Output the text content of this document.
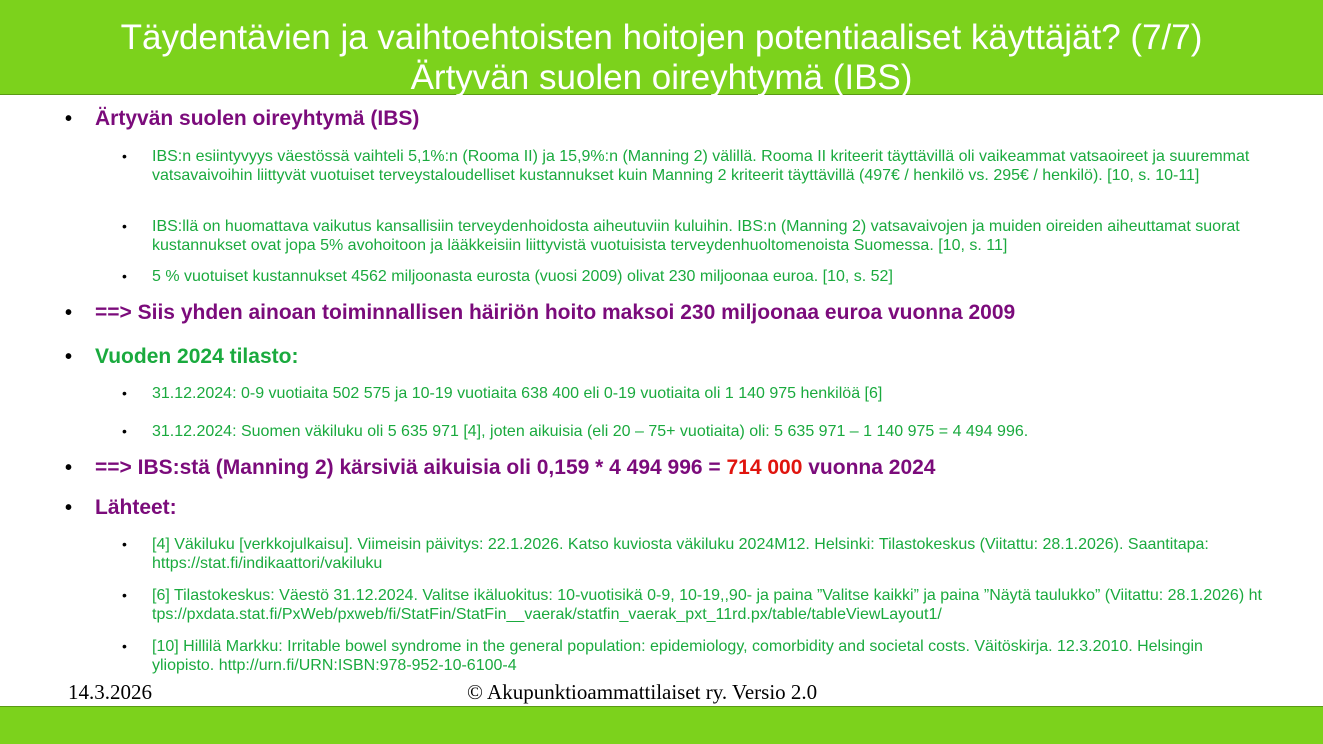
Täydentävien ja vaihtoehtoisten hoitojen potentiaaliset käyttäjät? (7/7)
Ärtyvän suolen oireyhtymä (IBS)
• Ärtyvän suolen oireyhtymä (IBS)
• IBS:n esiintyvyys väestössä vaihteli 5,1%:n (Rooma II) ja 15,9%:n (Manning 2) välillä. Rooma II kriteerit täyttävillä oli vaikeammat vatsaoireet ja suuremmat vatsavaivoihin liittyvät vuotuiset terveystaloudelliset kustannukset kuin Manning 2 kriteerit täyttävillä (497€ / henkilö vs. 295€ / henkilö). [10, s. 10-11]
• IBS:llä on huomattava vaikutus kansallisiin terveydenhoidosta aiheutuviin kuluihin. IBS:n (Manning 2) vatsavaivojen ja muiden oireiden aiheuttamat suorat kustannukset ovat jopa 5% avohoitoon ja lääkkeisiin liittyvistä vuotuisista terveydenhuoltomenoista Suomessa. [10, s. 11]
• 5 % vuotuiset kustannukset 4562 miljoonasta eurosta (vuosi 2009) olivat 230 miljoonaa euroa. [10, s. 52]
• ==> Siis yhden ainoan toiminnallisen häiriön hoito maksoi 230 miljoonaa euroa vuonna 2009
• Vuoden 2024 tilasto:
• 31.12.2024: 0-9 vuotiaita 502 575 ja 10-19 vuotiaita 638 400 eli 0-19 vuotiaita oli 1 140 975 henkilöä [6]
• 31.12.2024: Suomen väkiluku oli 5 635 971 [4], joten aikuisia (eli 20 – 75+ vuotiaita) oli: 5 635 971 – 1 140 975 = 4 494 996.
• ==> IBS:stä (Manning 2) kärsiviä aikuisia oli 0,159 * 4 494 996 = 714 000 vuonna 2024
• Lähteet:
• [4] Väkiluku [verkkojulkaisu]. Viimeisin päivitys: 22.1.2026. Katso kuviosta väkiluku 2024M12. Helsinki: Tilastokeskus (Viitattu: 28.1.2026). Saantitapa: https://stat.fi/indikaattori/vakiluku
• [6] Tilastokeskus: Väestö 31.12.2024. Valitse ikäluokitus: 10-vuotisikä 0-9, 10-19,,90- ja paina ”Valitse kaikki” ja paina ”Näytä taulukko” (Viitattu: 28.1.2026) https://pxdata.stat.fi/PxWeb/pxweb/fi/StatFin/StatFin__vaerak/statfin_vaerak_pxt_11rd.px/table/tableViewLayout1/
• [10] Hillilä Markku: Irritable bowel syndrome in the general population: epidemiology, comorbidity and societal costs. Väitöskirja. 12.3.2010. Helsingin yliopisto. http://urn.fi/URN:ISBN:978-952-10-6100-4
14.3.2026	© Akupunktioammattilaiset ry. Versio 2.0
